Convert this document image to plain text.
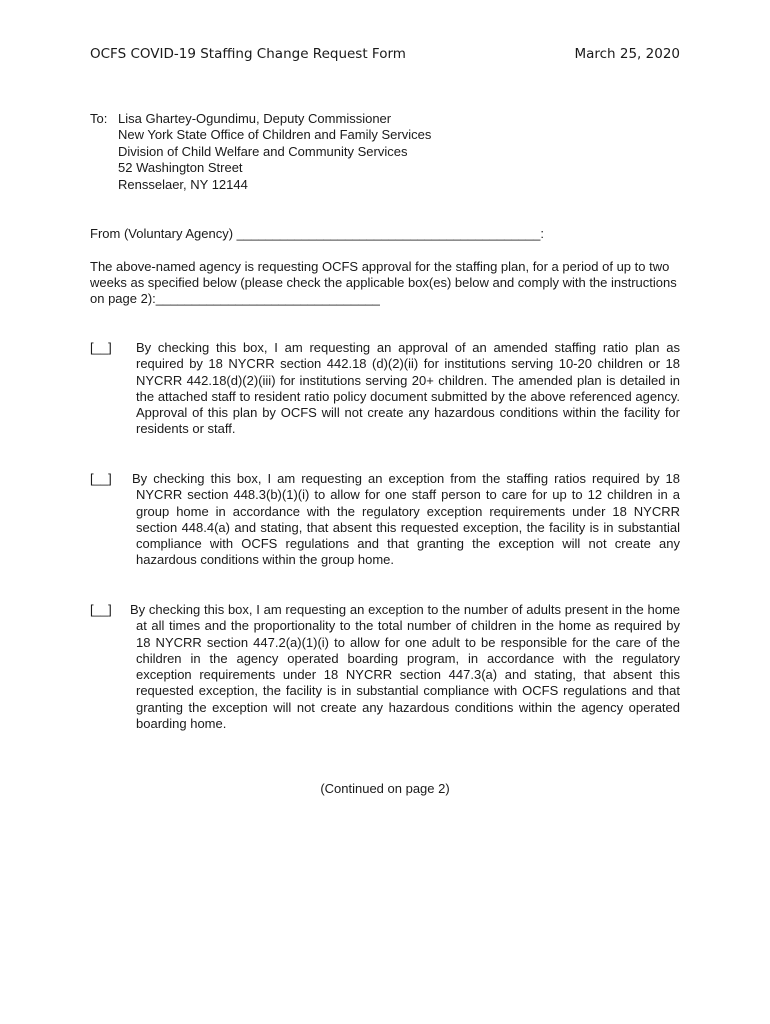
OCFS COVID-19 Staffing Change Request Form	March 25, 2020
To: Lisa Ghartey-Ogundimu, Deputy Commissioner
New York State Office of Children and Family Services
Division of Child Welfare and Community Services
52 Washington Street
Rensselaer, NY 12144
From (Voluntary Agency) __________________________________________:
The above-named agency is requesting OCFS approval for the staffing plan, for a period of up to two weeks as specified below (please check the applicable box(es) below and comply with the instructions on page 2):_______________________________
[__] By checking this box, I am requesting an approval of an amended staffing ratio plan as required by 18 NYCRR section 442.18 (d)(2)(ii) for institutions serving 10-20 children or 18 NYCRR 442.18(d)(2)(iii) for institutions serving 20+ children. The amended plan is detailed in the attached staff to resident ratio policy document submitted by the above referenced agency. Approval of this plan by OCFS will not create any hazardous conditions within the facility for residents or staff.
[__] By checking this box, I am requesting an exception from the staffing ratios required by 18 NYCRR section 448.3(b)(1)(i) to allow for one staff person to care for up to 12 children in a group home in accordance with the regulatory exception requirements under 18 NYCRR section 448.4(a) and stating, that absent this requested exception, the facility is in substantial compliance with OCFS regulations and that granting the exception will not create any hazardous conditions within the group home.
[__] By checking this box, I am requesting an exception to the number of adults present in the home at all times and the proportionality to the total number of children in the home as required by 18 NYCRR section 447.2(a)(1)(i) to allow for one adult to be responsible for the care of the children in the agency operated boarding program, in accordance with the regulatory exception requirements under 18 NYCRR section 447.3(a) and stating, that absent this requested exception, the facility is in substantial compliance with OCFS regulations and that granting the exception will not create any hazardous conditions within the agency operated boarding home.
(Continued on page 2)
